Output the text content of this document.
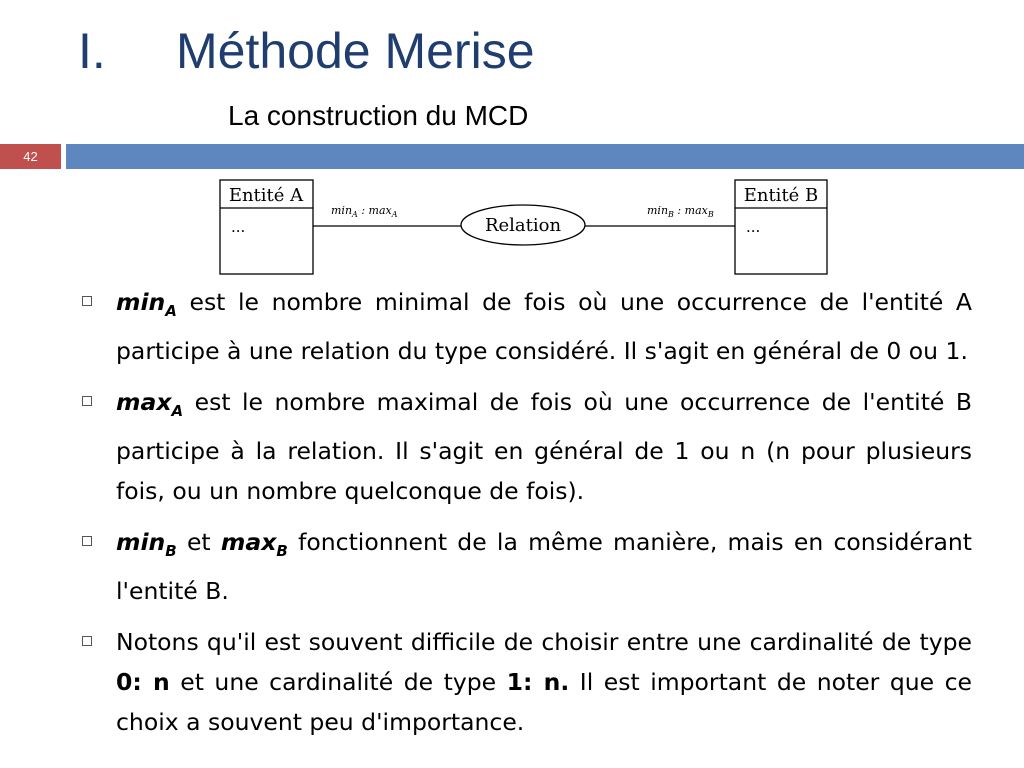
I. Méthode Merise
La construction du MCD
42
Entité A
...
Entité B
...
Relation
$\min_A$ : $\max_A$	$\min_B$ : $\max_B$
$\min_A$ est le nombre minimal de fois où une occurrence de l'entité A participe à une relation du type considéré. Il s'agit en général de 0 ou 1.
$\max_A$ est le nombre maximal de fois où une occurrence de l'entité B participe à la relation. Il s'agit en général de 1 ou n (n pour plusieurs fois, ou un nombre quelconque de fois).
$\min_B$ et $\max_B$ fonctionnent de la même manière, mais en considérant l'entité B.
Notons qu'il est souvent difficile de choisir entre une cardinalité de type 0: n et une cardinalité de type 1: n. Il est important de noter que ce choix a souvent peu d'importance.
